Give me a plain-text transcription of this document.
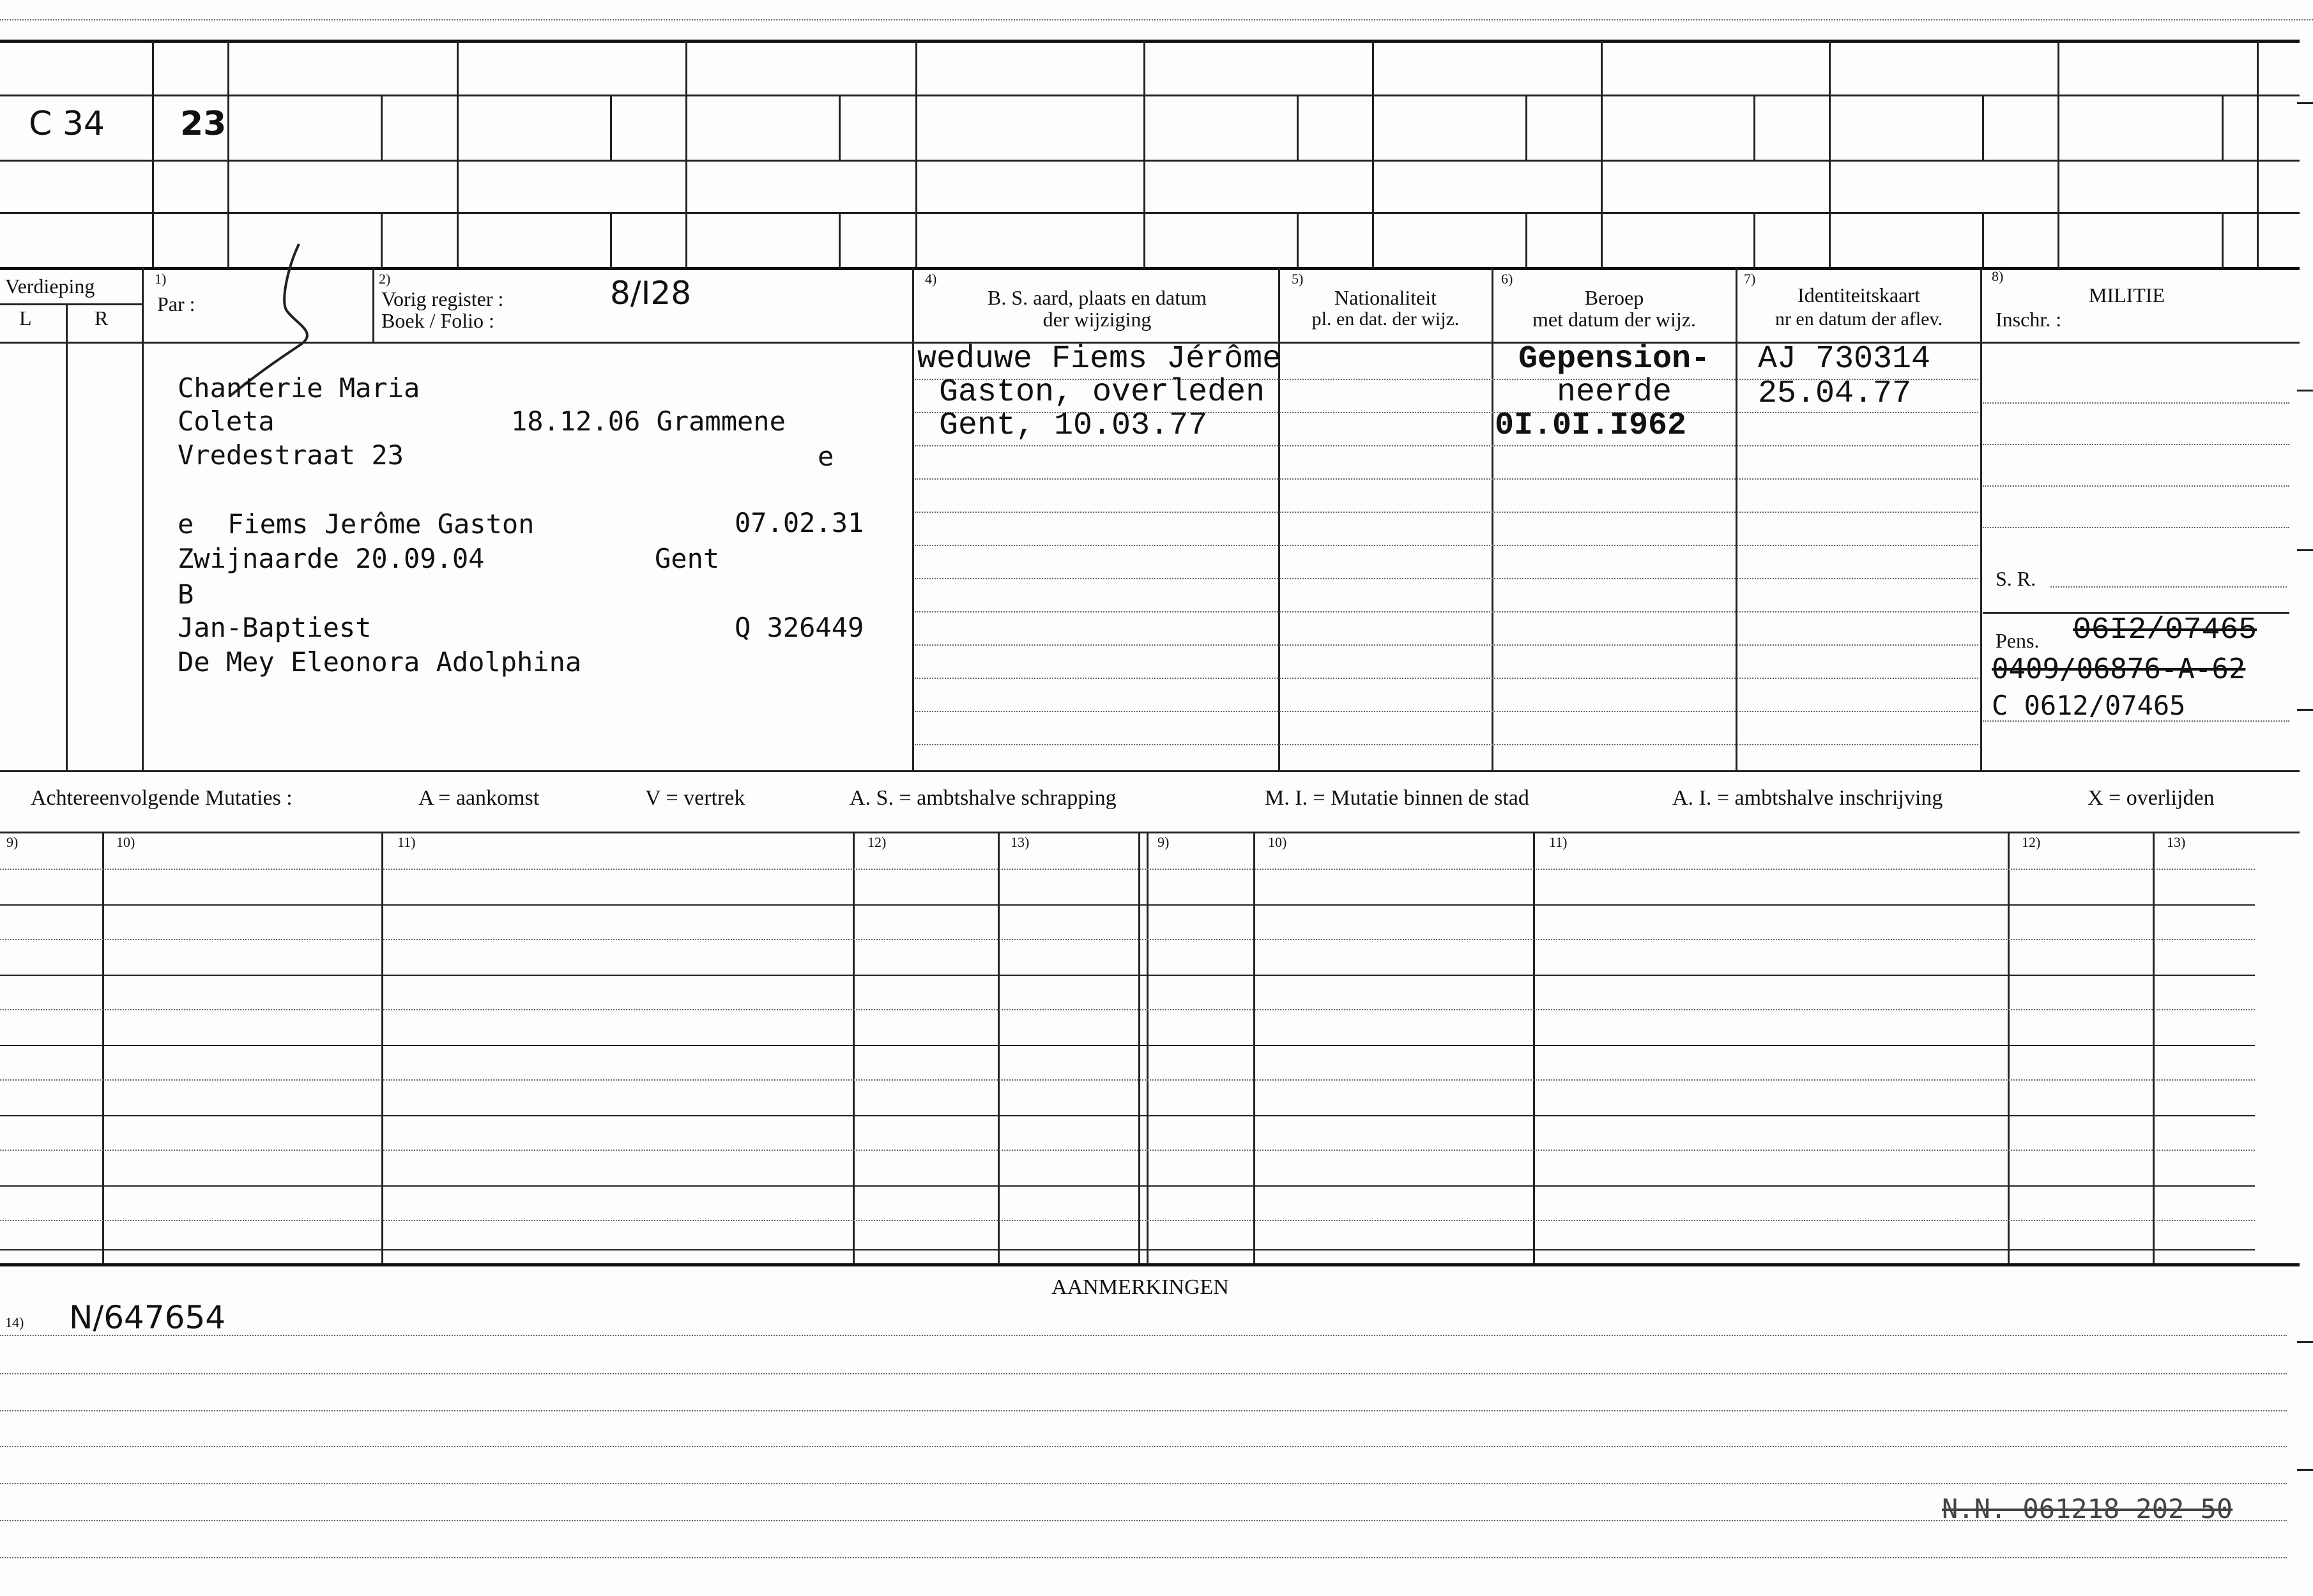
C 34 23
Verdieping
L	R
1)
Par :
2)
Vorig register :
Boek / Folio :
8/I28	4)
B. S. aard, plaats en datum
der wijziging
5)
Nationaliteit
pl. en dat. der wijz.
6)
Beroep
met datum der wijz.
7)
Identiteitskaart
nr en datum der aflev.
8)
MILITIE
Inschr. :
S. R.
Pens. 06I2/07465
0409/06876-A-62
C 0612/07465
Chanterie Maria
Coleta	18.12.06 Grammene
Vredestraat 23	e
e Fiems Jerôme Gaston	07.02.31
Zwijnaarde 20.09.04	Gent
B
Jan-Baptiest	Q 326449
De Mey Eleonora Adolphina
weduwe Fiems Jérôme
Gaston, overleden
Gent, 10.03.77
Gepension-
neerde
0I.0I.I962
AJ 730314
25.04.77
Achtereenvolgende Mutaties :	A = aankomst	V = vertrek	A. S. = ambtshalve schrapping	M. I. = Mutatie binnen de stad	A. I. = ambtshalve inschrijving	X = overlijden
9)	10)	11)	12)	13)	9)	10)	11)	12)	13)
AANMERKINGEN
14) N/647654
N.N. 061218 202 50
